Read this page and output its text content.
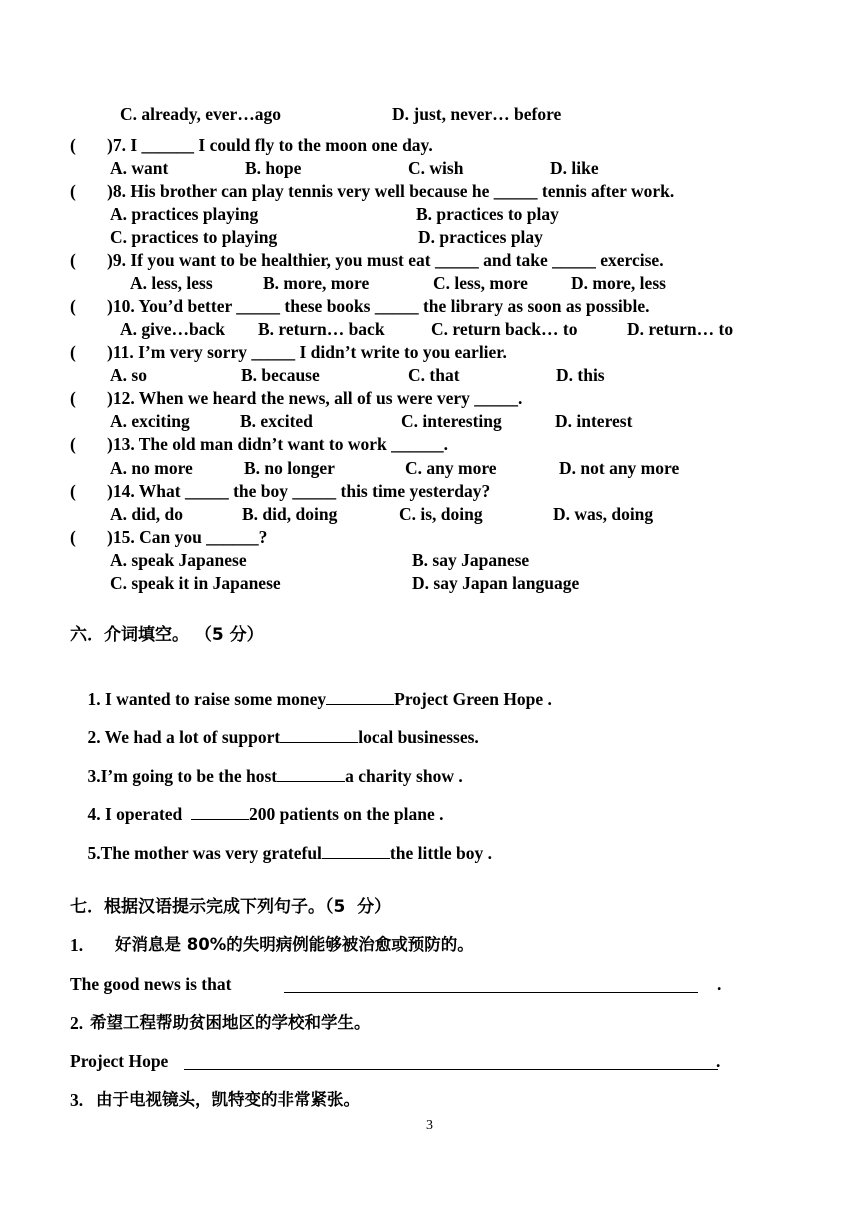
C. already, ever…ago	D. just, never… before
( )7. I ______ I could fly to the moon one day.
A. want	B. hope	C. wish	D. like
( )8. His brother can play tennis very well because he _____ tennis after work.
A. practices playing	B. practices to play
C. practices to playing	D. practices play
( )9. If you want to be healthier, you must eat _____ and take _____ exercise.
A. less, less	B. more, more	C. less, more D. more, less
( )10. You’d better _____ these books _____ the library as soon as possible.
A. give…back B. return… back	C. return back… to	D. return… to
( )11. I’m very sorry _____ I didn’t write to you earlier.
A. so	B. because	C. that	D. this
( )12. When we heard the news, all of us were very _____.
A. exciting	B. excited	C. interesting	D. interest
( )13. The old man didn’t want to work ______.
A. no more	B. no longer	C. any more	D. not any more
( )14. What _____ the boy _____ this time yesterday?
A. did, do	B. did, doing	C. is, doing	D. was, doing
( )15. Can you ______?
A. speak Japanese	B. say Japanese
C. speak it in Japanese	D. say Japan language
六．介词填空。 （5 分）

1. I wanted to raise some money	Project Green Hope .

2. We had a lot of support	local businesses.

3.I’m going to be the host	a charity show .

4. I operated	200 patients on the plane .

5.The mother was very grateful	the little boy .

七．根据汉语提示完成下列句子。（5  分）
1. 好消息是 80%的失明病例能够被治愈或预防的。
The good news is that	.
2. 希望工程帮助贫困地区的学校和学生。
Project Hope	.
3. 由于电视镜头，凯特变的非常紧张。
3
